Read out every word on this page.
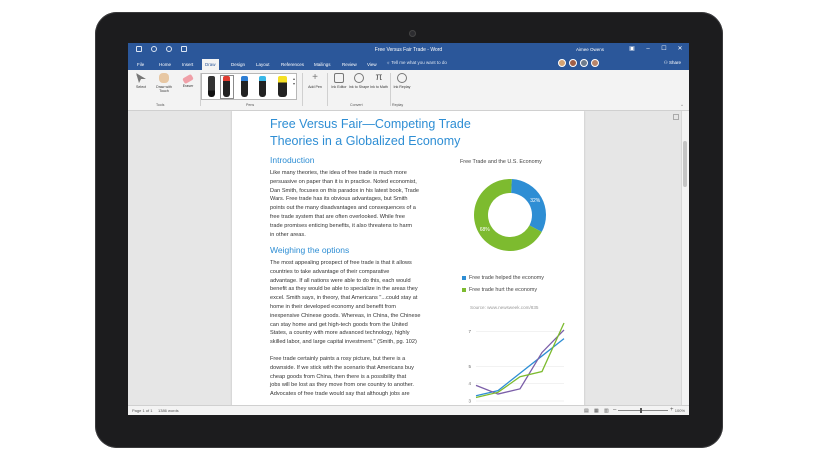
Free Versus Fair Trade - Word	Aimee Owens	▣	–	☐	✕
File	Home	Insert	Draw	Design	Layout	References	Mailings	Review	View	☼ Tell me what you want to do	⚇ Share
Select	Draw with Touch
Eraser
▴
▾
+
Add Pen	Ink Editor Ink to Shape
π
Ink to Math	Ink Replay
Tools	Pens	Convert	Replay	^
Free Versus Fair—Competing Trade
Theories in a Globalized Economy
Introduction
Like many theories, the idea of free trade is much more
persuasive on paper than it is in practice. Noted economist,
Dan Smith, focuses on this paradox in his latest book, Trade
Wars. Free trade has its obvious advantages, but Smith
points out the many disadvantages and consequences of a
free trade system that are often overlooked. While free
trade promises enticing benefits, it also threatens to harm
in other areas.
Weighing the options
The most appealing prospect of free trade is that it allows
countries to take advantage of their comparative
advantage. If all nations were able to do this, each would
benefit as they would be able to specialize in the areas they
excel. Smith says, in theory, that Americans "...could stay at
home in their developed economy and benefit from
inexpensive Chinese goods. Whereas, in China, the Chinese
can stay home and get high-tech goods from the United
States, a country with more advanced technology, highly
skilled labor, and large capital investment." (Smith, pg. 102)
Free trade certainly paints a rosy picture, but there is a
downside. If we stick with the scenario that Americans buy
cheap goods from China, then there is a possibility that
jobs will be lost as they move from one country to another.
Advocates of free trade would say that although jobs are
Free Trade and the U.S. Economy
32%
68%
Free trade helped the economy
Free trade hurt the economy
Source: www.newsweek.com/835
7
5
4
3
Page 1 of 1 1386 words	▤ ▦ ▥ –	+ 100%
